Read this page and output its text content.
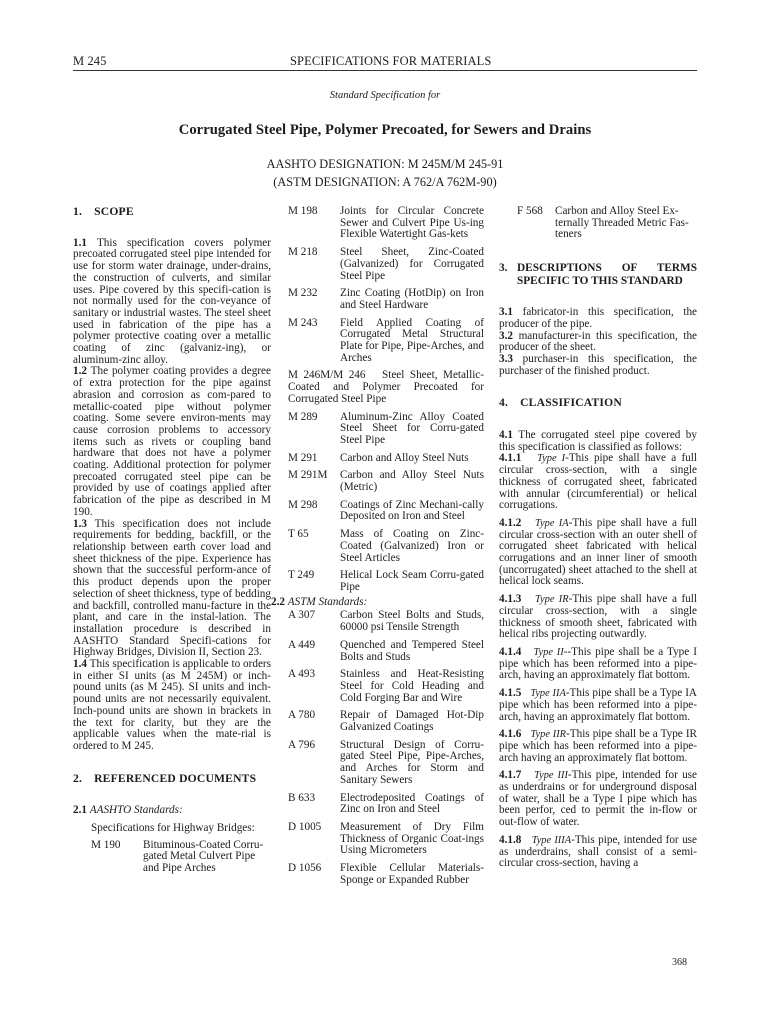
M 245	SPECIFICATIONS FOR MATERIALS
Standard Specification for
Corrugated Steel Pipe, Polymer Precoated, for Sewers and Drains
AASHTO DESIGNATION: M 245M/M 245-91
(ASTM DESIGNATION: A 762/A 762M-90)
1. SCOPE

1.1 This specification covers polymer precoated corrugated steel pipe intended for use for storm water drainage, under-drains, the construction of culverts, and similar uses. Pipe covered by this specifi-cation is not normally used for the con-veyance of sanitary or industrial wastes. The steel sheet used in fabrication of the pipe has a polymer protective coating over a metallic coating of zinc (galvaniz-ing), or aluminum-zinc alloy.

1.2 The polymer coating provides a degree of extra protection for the pipe against abrasion and corrosion as com-pared to metallic-coated pipe without polymer coating. Some severe environ-ments may cause corrosion problems to accessory items such as rivets or coupling band hardware that does not have a polymer coating. Additional protection for polymer precoated corrugated steel pipe can be provided by use of coatings applied after fabrication of the pipe as described in M 190.

1.3 This specification does not include requirements for bedding, backfill, or the relationship between earth cover load and sheet thickness of the pipe. Experience has shown that the successful perform-ance of this product depends upon the proper selection of sheet thickness, type of bedding and backfill, controlled manu-facture in the plant, and care in the instal-lation. The installation procedure is described in AASHTO Standard Specifi-cations for Highway Bridges, Division II, Section 23.

1.4 This specification is applicable to orders in either SI units (as M 245M) or inch-pound units (as M 245). SI units and inch-pound units are not necessarily equivalent. Inch-pound units are shown in brackets in the text for clarity, but they are the applicable values when the mate-rial is ordered to M 245.

2. REFERENCED DOCUMENTS
2.1 AASHTO Standards:
Specifications for Highway Bridges:
M 190	Bituminous-Coated Corru-gated Metal Culvert Pipe and Pipe Arches
M 198	Joints for Circular Concrete Sewer and Culvert Pipe Us-ing Flexible Watertight Gas-kets
M 218	Steel Sheet, Zinc-Coated (Galvanized) for Corrugated Steel Pipe
M 232	Zinc Coating (HotDip) on Iron and Steel Hardware
M 243	Field Applied Coating of Corrugated Metal Structural Plate for Pipe, Pipe-Arches, and Arches

M 246M/M 246 Steel Sheet, Metallic-Coated and Polymer Precoated for Corrugated Steel Pipe

M 289	Aluminum-Zinc Alloy Coated Steel Sheet for Corru-gated Steel Pipe
M 291	Carbon and Alloy Steel Nuts
M 291M	Carbon and Alloy Steel Nuts (Metric)
M 298	Coatings of Zinc Mechani-cally Deposited on Iron and Steel
T 65	Mass of Coating on Zinc-Coated (Galvanized) Iron or Steel Articles
T 249	Helical Lock Seam Corru-gated Pipe
2.2 ASTM Standards:
A 307	Carbon Steel Bolts and Studs, 60000 psi Tensile Strength
A 449	Quenched and Tempered Steel Bolts and Studs
A 493	Stainless and Heat-Resisting Steel for Cold Heading and Cold Forging Bar and Wire
A 780	Repair of Damaged Hot-Dip Galvanized Coatings
A 796	Structural Design of Corru-gated Steel Pipe, Pipe-Arches, and Arches for Storm and Sanitary Sewers
B 633	Electrodeposited Coatings of Zinc on Iron and Steel
D 1005	Measurement of Dry Film Thickness of Organic Coat-ings Using Micrometers
D 1056	Flexible Cellular Materials-Sponge or Expanded Rubber
F 568	Carbon and Alloy Steel Ex-ternally Threaded Metric Fas-teners
3. DESCRIPTIONS OF TERMS SPECIFIC TO THIS STANDARD

3.1 fabricator-in this specification, the producer of the pipe.

3.2 manufacturer-in this specification, the producer of the sheet.

3.3 purchaser-in this specification, the purchaser of the finished product.

4. CLASSIFICATION

4.1 The corrugated steel pipe covered by this specification is classified as follows:

4.1.1 Type I-This pipe shall have a full circular cross-section, with a single thickness of corrugated sheet, fabricated with annular (circumferential) or helical corrugations.

4.1.2 Type IA-This pipe shall have a full circular cross-section with an outer shell of corrugated sheet fabricated with helical corrugations and an inner liner of smooth (uncorrugated) sheet attached to the shell at helical lock seams.

4.1.3 Type IR-This pipe shall have a full circular cross-section, with a single thickness of smooth sheet, fabricated with helical ribs projecting outwardly.

4.1.4 Type II--This pipe shall be a Type I pipe which has been reformed into a pipe-arch, having an approximately flat bottom.

4.1.5 Type IIA-This pipe shall be a Type IA pipe which has been reformed into a pipe-arch, having an approximately flat bottom.

4.1.6 Type IIR-This pipe shall be a Type IR pipe which has been reformed into a pipe-arch having an approximately flat bottom.

4.1.7 Type III-This pipe, intended for use as underdrains or for underground disposal of water, shall be a Type I pipe which has been perfor, ced to permit the in-flow or out-flow of water.

4.1.8 Type IIIA-This pipe, intended for use as underdrains, shall consist of a semi-circular cross-section, having a

368
